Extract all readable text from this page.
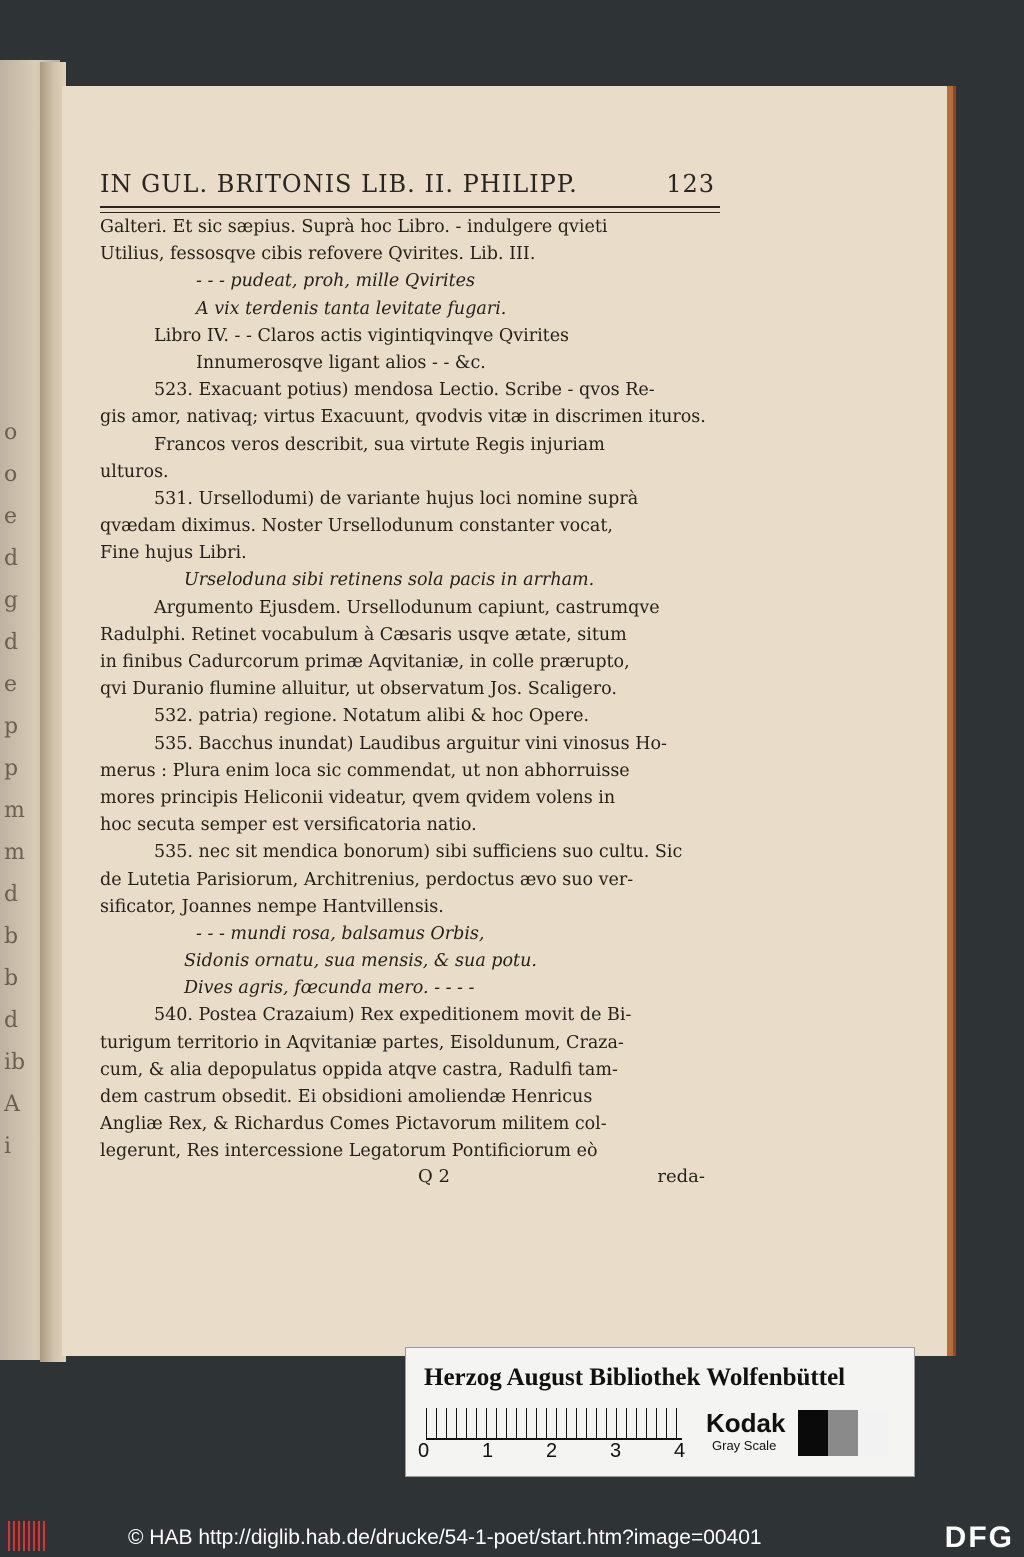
o
o
e
d
g
d
e
p
p
m
m
d
b
b
d
ib
A
i
IN GUL. BRITONIS LIB. II. PHILIPP.	123
Galteri. Et sic sæpius. Suprà hoc Libro. - indulgere qvieti
Utilius, fessosqve cibis refovere Qvirites. Lib. III.
- - - pudeat, proh, mille Qvirites
A vix terdenis tanta levitate fugari.
Libro IV. - - Claros actis vigintiqvinqve Qvirites
Innumerosqve ligant alios - - &c.
523. Exacuant potius) mendosa Lectio. Scribe - qvos Re-
gis amor, nativaq; virtus Exacuunt, qvodvis vitæ in discrimen ituros.
Francos veros describit, sua virtute Regis injuriam
ulturos.
531. Ursellodumi) de variante hujus loci nomine suprà
qvædam diximus. Noster Ursellodunum constanter vocat,
Fine hujus Libri.
Urseloduna sibi retinens sola pacis in arrham.
Argumento Ejusdem. Ursellodunum capiunt, castrumqve
Radulphi. Retinet vocabulum à Cæsaris usqve ætate, situm
in finibus Cadurcorum primæ Aqvitaniæ, in colle prærupto,
qvi Duranio flumine alluitur, ut observatum Jos. Scaligero.
532. patria) regione. Notatum alibi & hoc Opere.
535. Bacchus inundat) Laudibus arguitur vini vinosus Ho-
merus : Plura enim loca sic commendat, ut non abhorruisse
mores principis Heliconii videatur, qvem qvidem volens in
hoc secuta semper est versificatoria natio.
535. nec sit mendica bonorum) sibi sufficiens suo cultu. Sic
de Lutetia Parisiorum, Architrenius, perdoctus ævo suo ver-
sificator, Joannes nempe Hantvillensis.
- - - mundi rosa, balsamus Orbis,
Sidonis ornatu, sua mensis, & sua potu.
Dives agris, fœcunda mero. - - - -
540. Postea Crazaium) Rex expeditionem movit de Bi-
turigum territorio in Aqvitaniæ partes, Eisoldunum, Craza-
cum, & alia depopulatus oppida atqve castra, Radulfi tam-
dem castrum obsedit. Ei obsidioni amoliendæ Henricus
Angliæ Rex, & Richardus Comes Pictavorum militem col-
legerunt, Res intercessione Legatorum Pontificiorum eò
Q 2	reda-
Herzog August Bibliothek Wolfenbüttel
0	1	2	3	4
Kodak
Gray Scale
© HAB http://diglib.hab.de/drucke/54-1-poet/start.htm?image=00401	DFG
